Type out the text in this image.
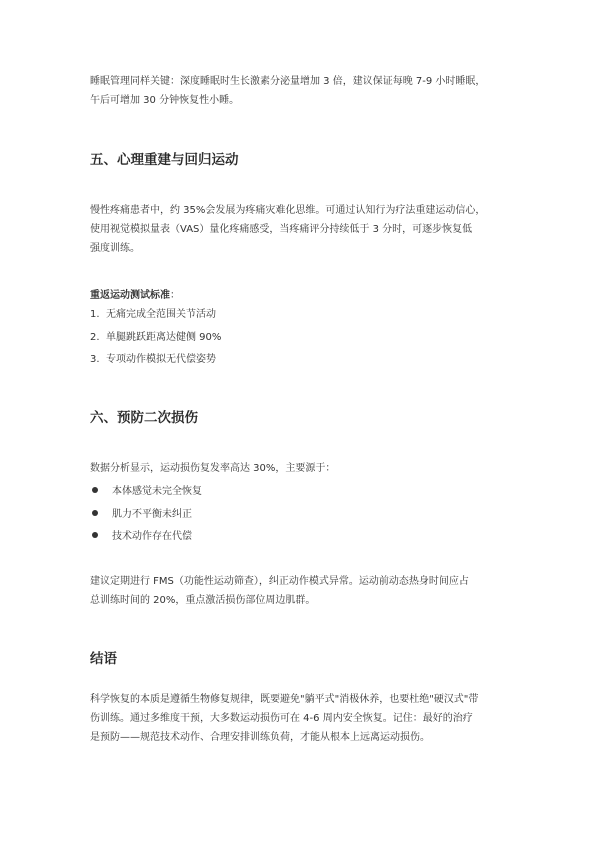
睡眠管理同样关键：深度睡眠时生长激素分泌量增加 3 倍，建议保证每晚 7-9 小时睡眠，
午后可增加 30 分钟恢复性小睡。

五、心理重建与回归运动

慢性疼痛患者中，约 35%会发展为疼痛灾难化思维。可通过认知行为疗法重建运动信心，
使用视觉模拟量表（VAS）量化疼痛感受，当疼痛评分持续低于 3 分时，可逐步恢复低
强度训练。

重返运动测试标准：
1. 无痛完成全范围关节活动
2. 单腿跳跃距离达健侧 90%
3. 专项动作模拟无代偿姿势
六、预防二次损伤

数据分析显示，运动损伤复发率高达 30%，主要源于：

本体感觉未完全恢复
肌力不平衡未纠正
技术动作存在代偿

建议定期进行 FMS（功能性运动筛查），纠正动作模式异常。运动前动态热身时间应占
总训练时间的 20%，重点激活损伤部位周边肌群。

结语

科学恢复的本质是遵循生物修复规律，既要避免"躺平式"消极休养，也要杜绝"硬汉式"带
伤训练。通过多维度干预，大多数运动损伤可在 4-6 周内安全恢复。记住：最好的治疗
是预防——规范技术动作、合理安排训练负荷，才能从根本上远离运动损伤。
